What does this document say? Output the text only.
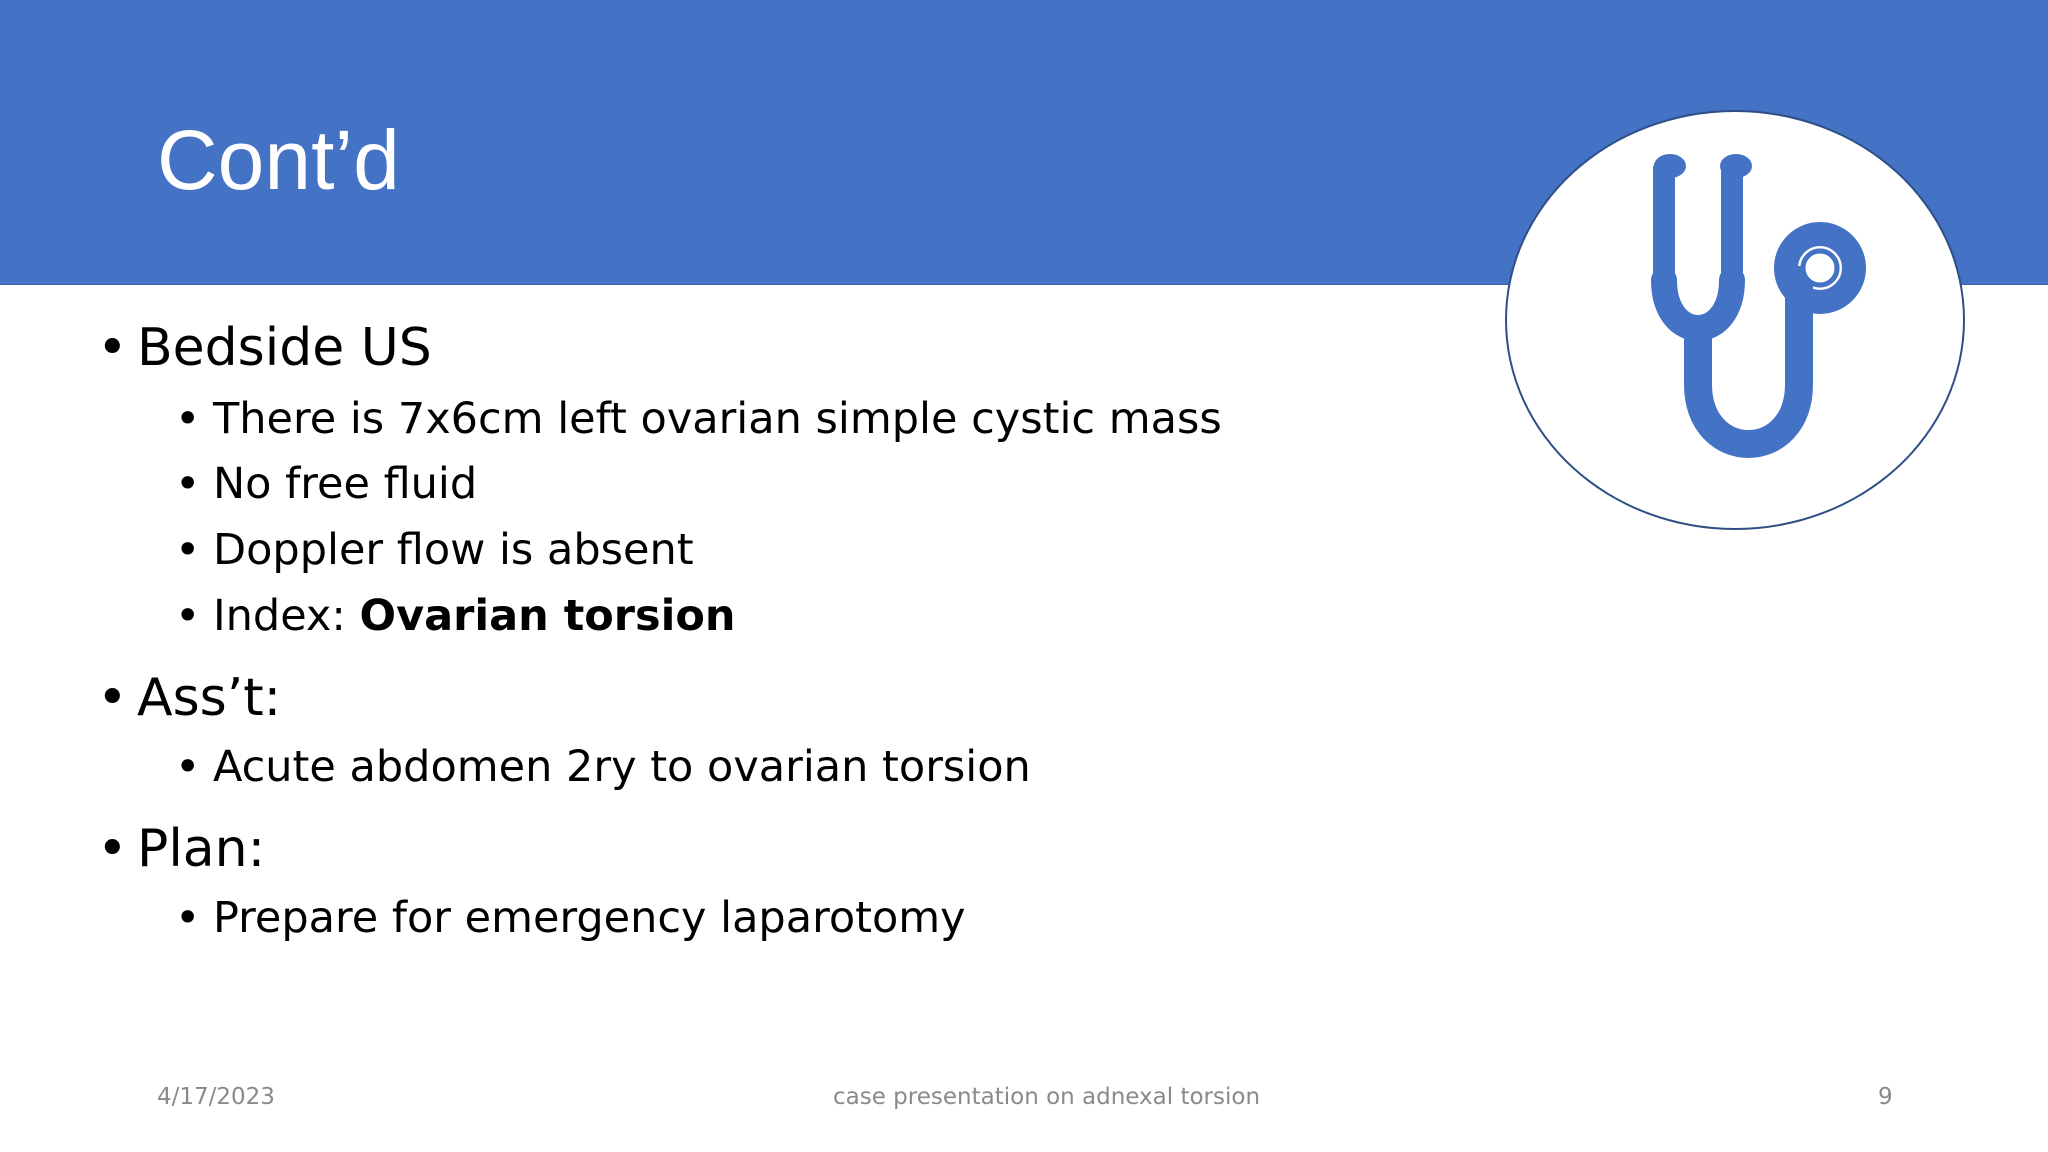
Cont’d
• Bedside US
• There is 7x6cm left ovarian simple cystic mass
• No free fluid
• Doppler flow is absent
• Index: Ovarian torsion
• Ass’t:
• Acute abdomen 2ry to ovarian torsion
• Plan:
• Prepare for emergency laparotomy
4/17/2023	case presentation on adnexal torsion	9
